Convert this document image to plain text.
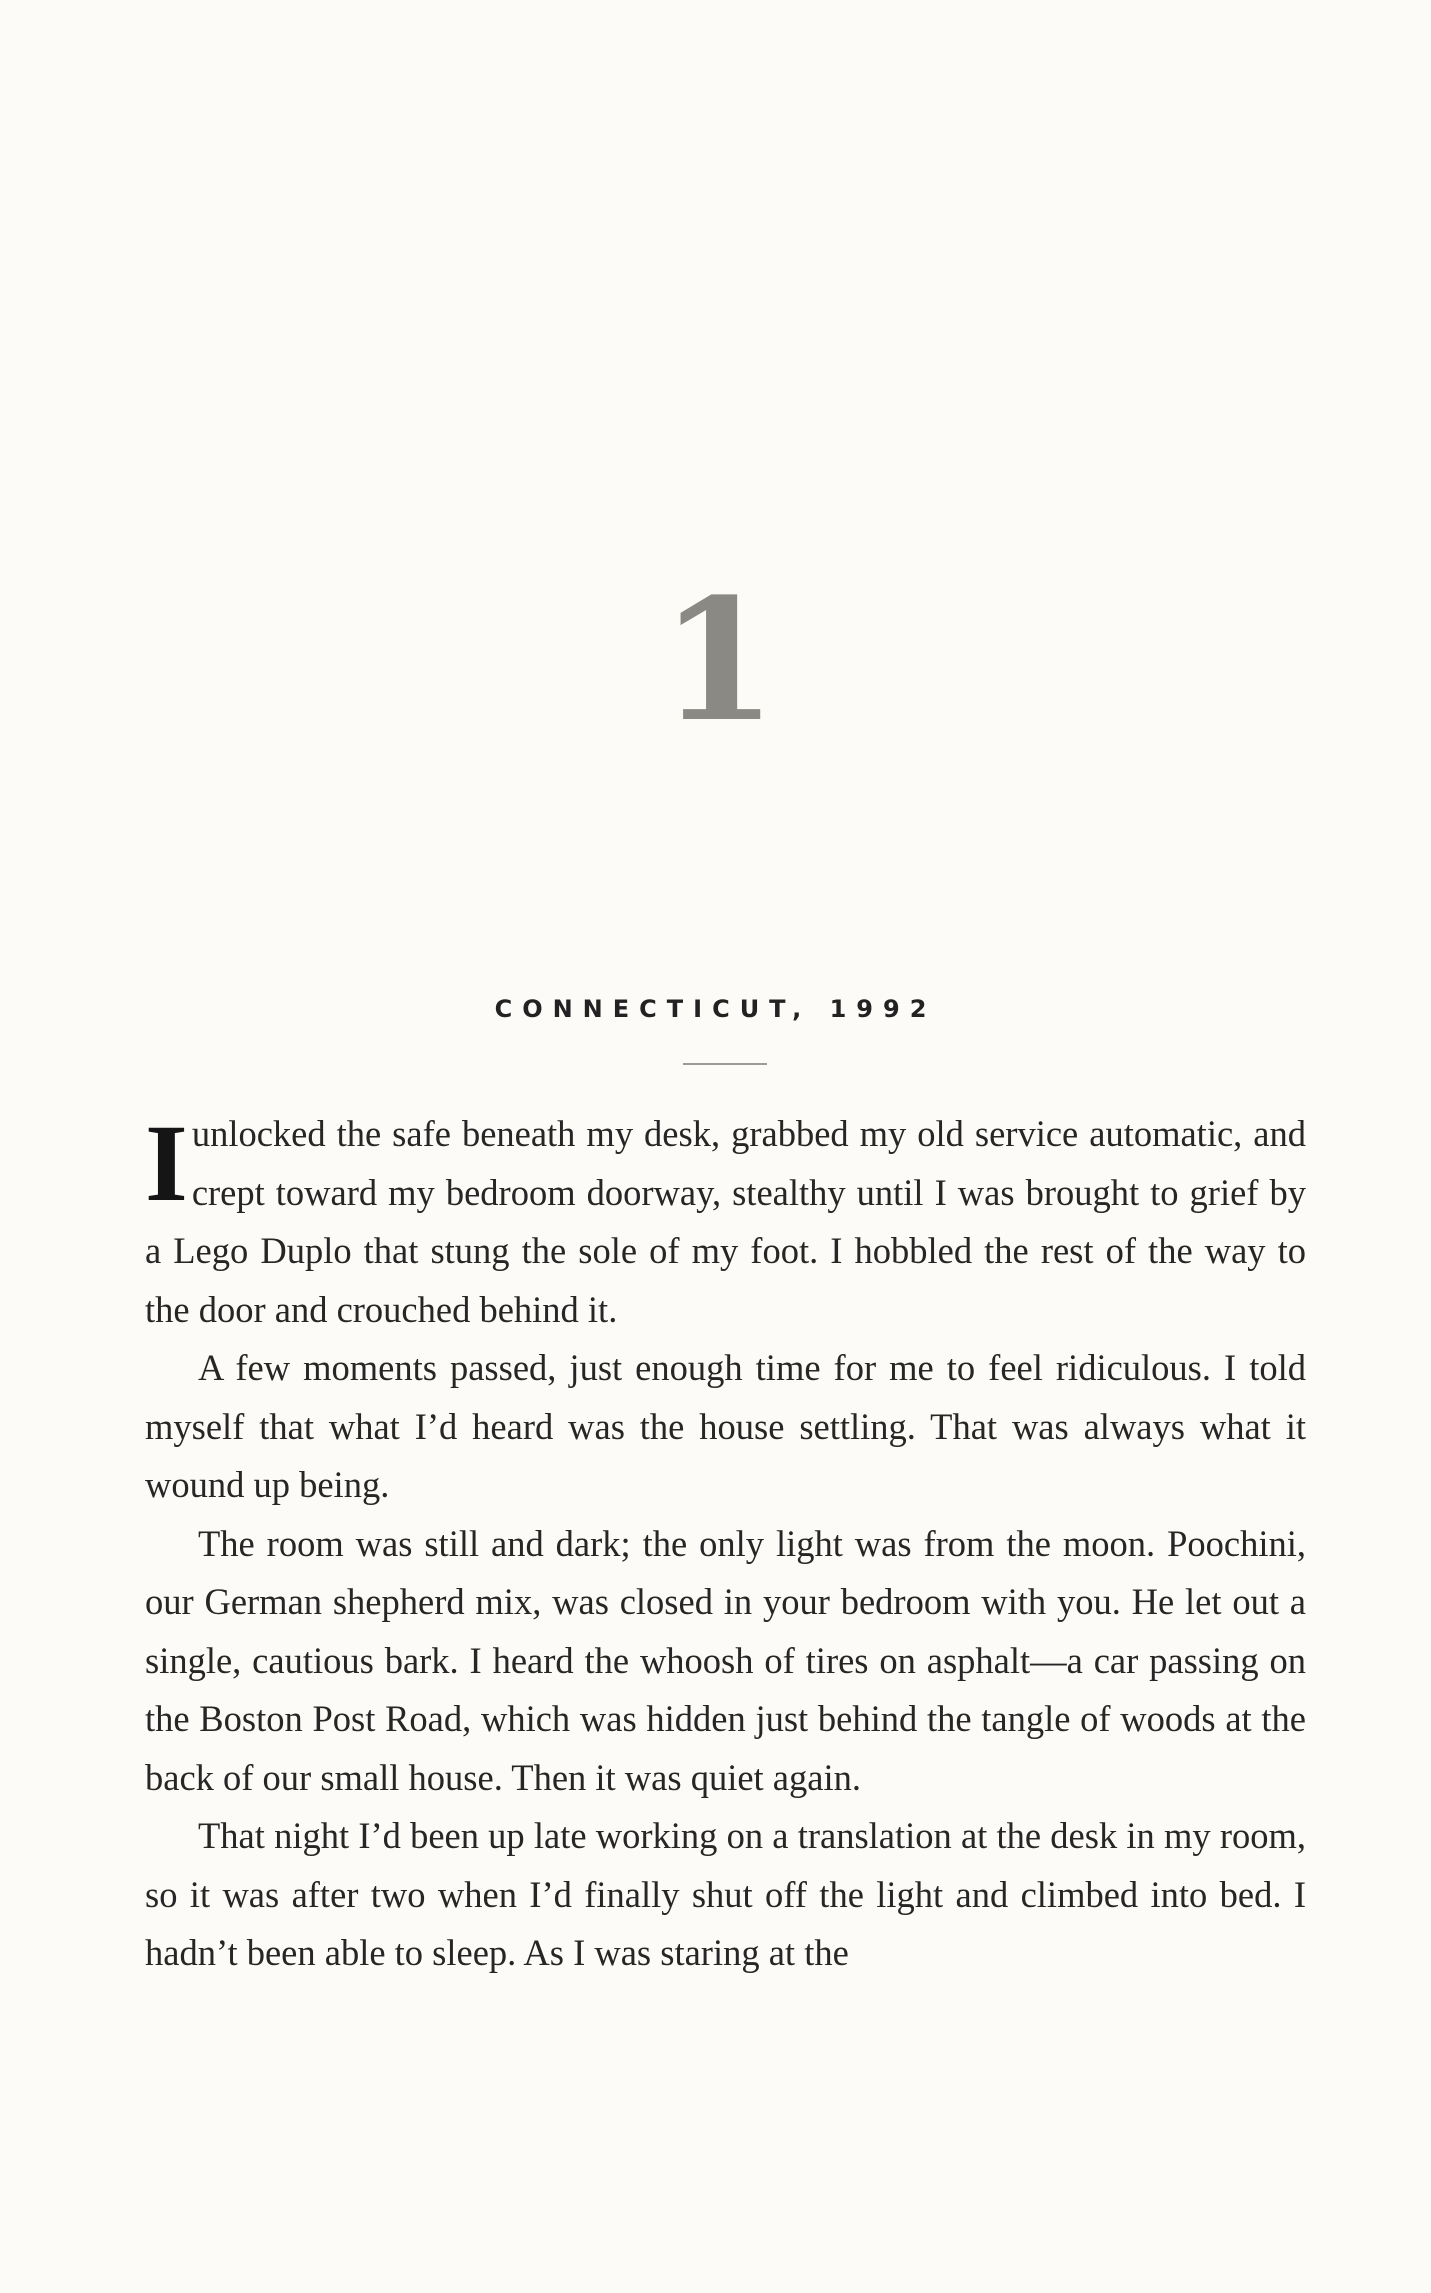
1
CONNECTICUT, 1992

I unlocked the safe beneath my desk, grabbed my old service automatic, and crept toward my bedroom doorway, stealthy until I was brought to grief by a Lego Duplo that stung the sole of my foot. I hobbled the rest of the way to the door and crouched behind it.

A few moments passed, just enough time for me to feel ridiculous. I told myself that what I’d heard was the house settling. That was always what it wound up being.

The room was still and dark; the only light was from the moon. Poochini, our German shepherd mix, was closed in your bedroom with you. He let out a single, cautious bark. I heard the whoosh of tires on asphalt—a car passing on the Boston Post Road, which was hidden just behind the tangle of woods at the back of our small house. Then it was quiet again.

That night I’d been up late working on a translation at the desk in my room, so it was after two when I’d finally shut off the light and climbed into bed. I hadn’t been able to sleep. As I was staring at the
